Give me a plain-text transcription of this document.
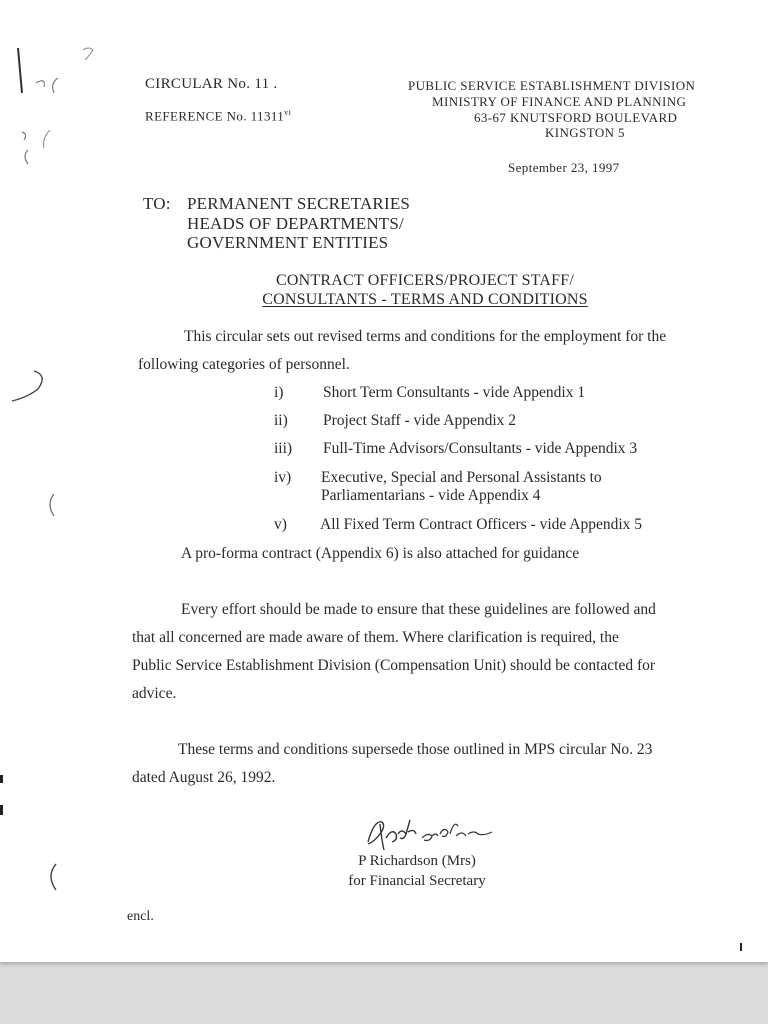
CIRCULAR No. 11 .
REFERENCE No. 11311$^{vi}$
PUBLIC SERVICE ESTABLISHMENT DIVISION
MINISTRY OF FINANCE AND PLANNING
63-67 KNUTSFORD BOULEVARD
KINGSTON 5
September 23, 1997
TO: PERMANENT SECRETARIES
HEADS OF DEPARTMENTS/
GOVERNMENT ENTITIES
CONTRACT OFFICERS/PROJECT STAFF/
CONSULTANTS - TERMS AND CONDITIONS
This circular sets out revised terms and conditions for the employment for the
following categories of personnel.
i)	Short Term Consultants - vide Appendix 1
ii) Project Staff - vide Appendix 2
iii) Full-Time Advisors/Consultants - vide Appendix 3
iv) Executive, Special and Personal Assistants to
Parliamentarians - vide Appendix 4
v) All Fixed Term Contract Officers - vide Appendix 5
A pro-forma contract (Appendix 6) is also attached for guidance
Every effort should be made to ensure that these guidelines are followed and
that all concerned are made aware of them. Where clarification is required, the
Public Service Establishment Division (Compensation Unit) should be contacted for
advice.
These terms and conditions supersede those outlined in MPS circular No. 23
dated August 26, 1992.
P Richardson (Mrs)
for Financial Secretary
encl.
